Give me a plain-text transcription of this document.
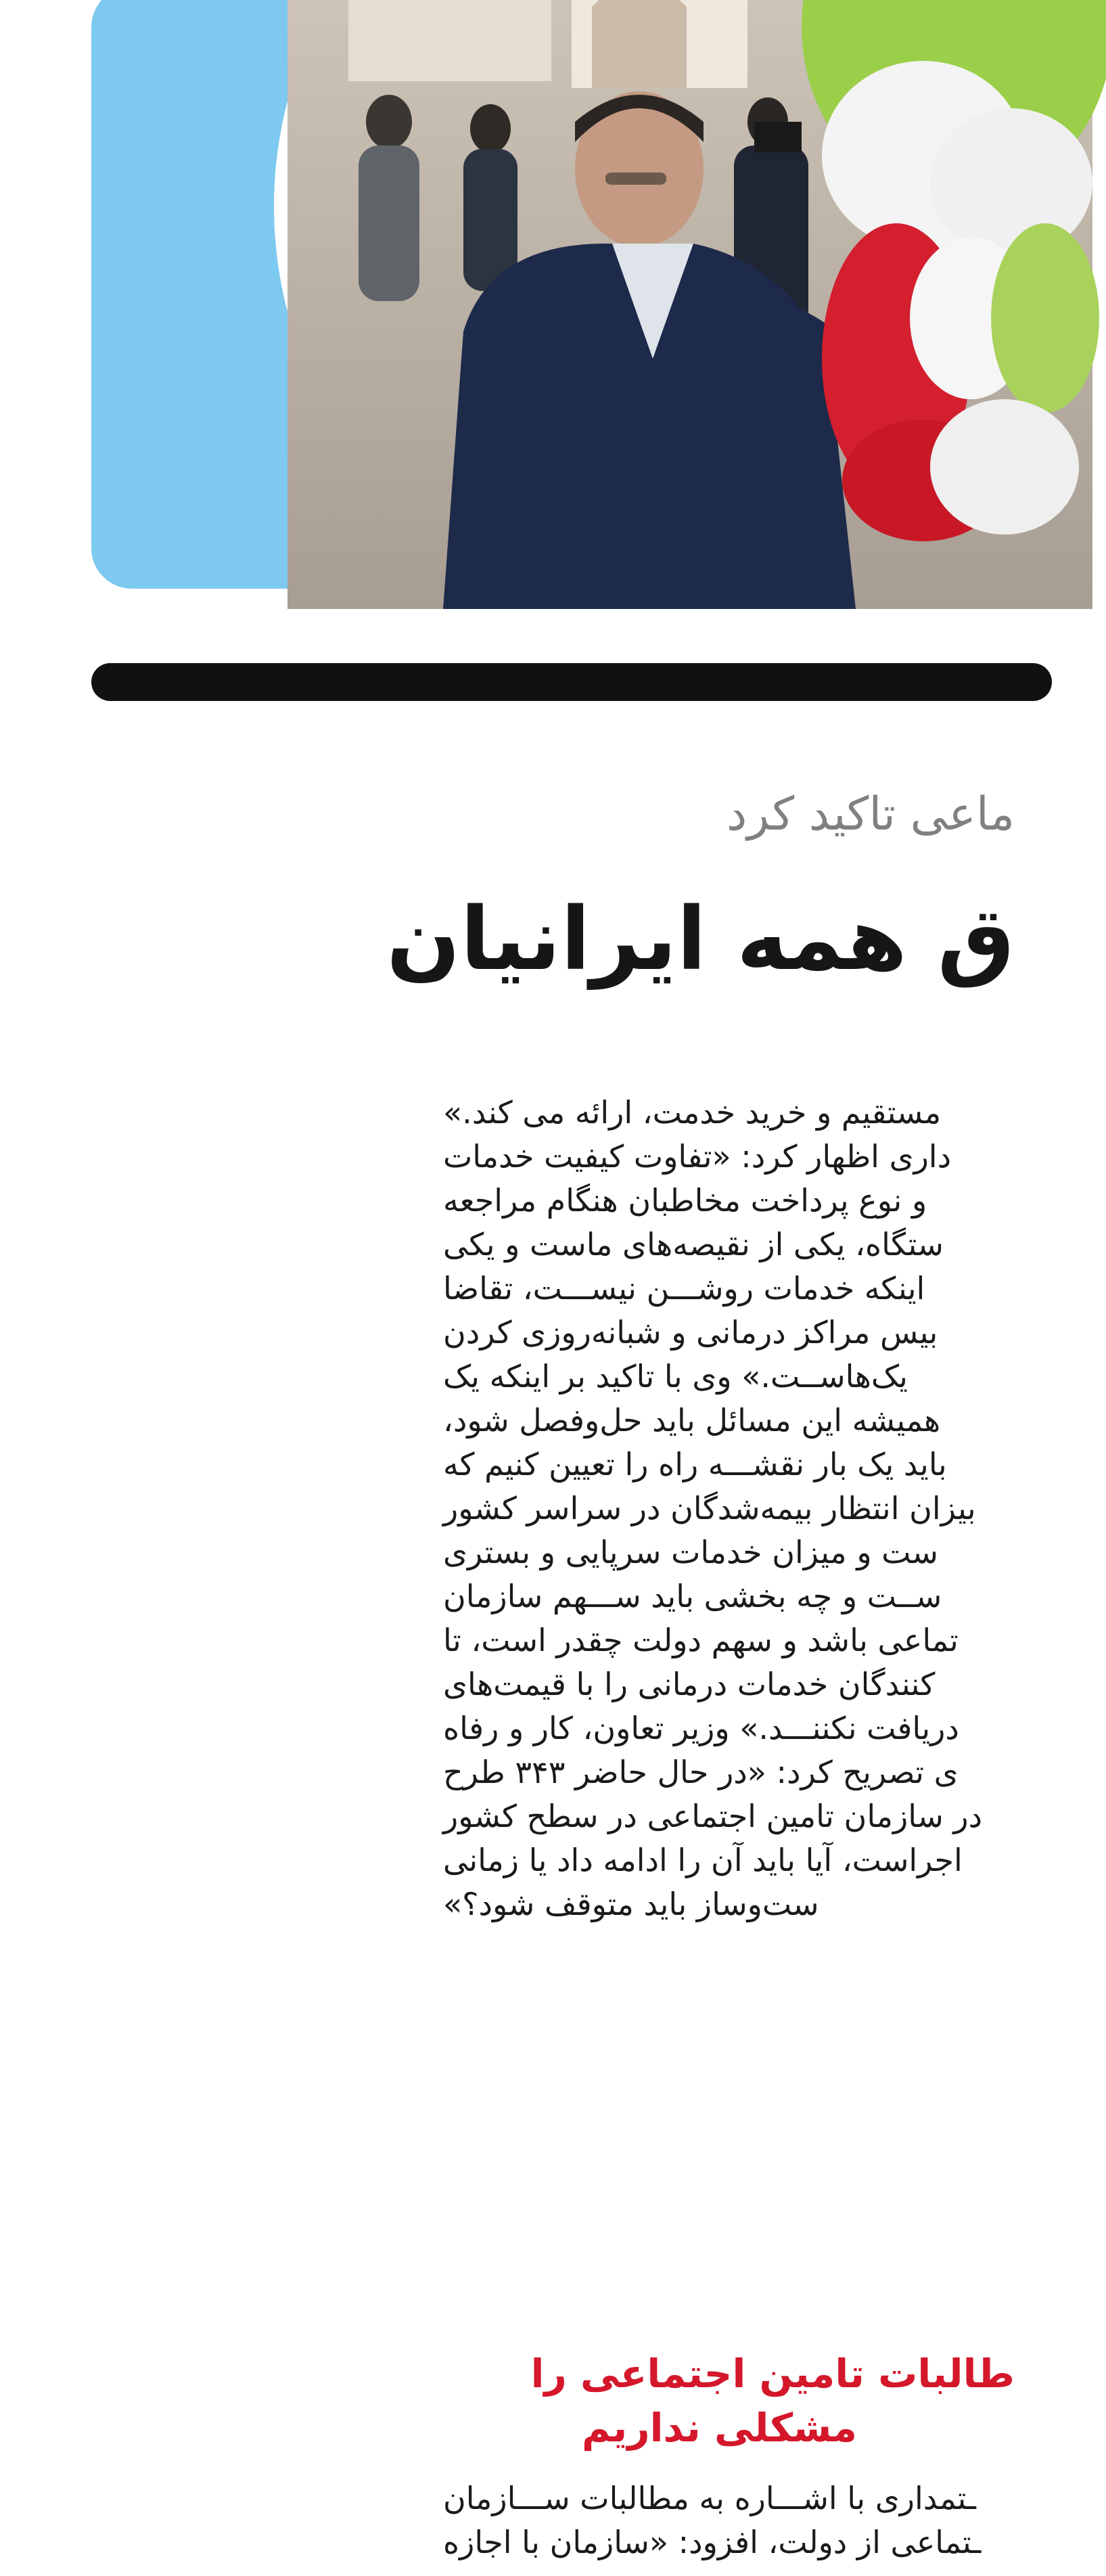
ماعی تاکید کرد
ق همه ایرانیان
مستقیم و خرید خدمت، ارائه می کند.»
داری اظهار کرد: «تفاوت کیفیت خدمات
و نوع پرداخت مخاطبان هنگام مراجعه
ستگاه، یکی از نقیصه‌های ماست و یکی
اینکه خدمات روشـــن نیســـت، تقاضا
بیس مراکز درمانی و شبانه‌روزی کردن
یک‌هاســت.» وی با تاکید بر اینکه یک
همیشه این مسائل باید حل‌وفصل شود،
باید یک بار نقشـــه راه را تعیین کنیم که
بیزان انتظار بیمه‌شدگان در سراسر کشور
ست و میزان خدمات سرپایی و بستری
ســت و چه بخشی باید ســـهم سازمان
تماعی باشد و سهم دولت چقدر است، تا
کنندگان خدمات درمانی را با قیمت‌های
دریافت نکننـــد.» وزیر تعاون، کار و رفاه
ی تصریح کرد: «در حال حاضر ۳۴۳ طرح
در سازمان تامین اجتماعی در سطح کشور
اجراست، آیا باید آن را ادامه داد یا زمانی
ست‌وساز باید متوقف شود؟»
طالبات تامین اجتماعی را
مشکلی نداریم
ـتمداری با اشـــاره به مطالبات ســـازمان
ـتماعی از دولت، افزود: «سازمان با اجازه
